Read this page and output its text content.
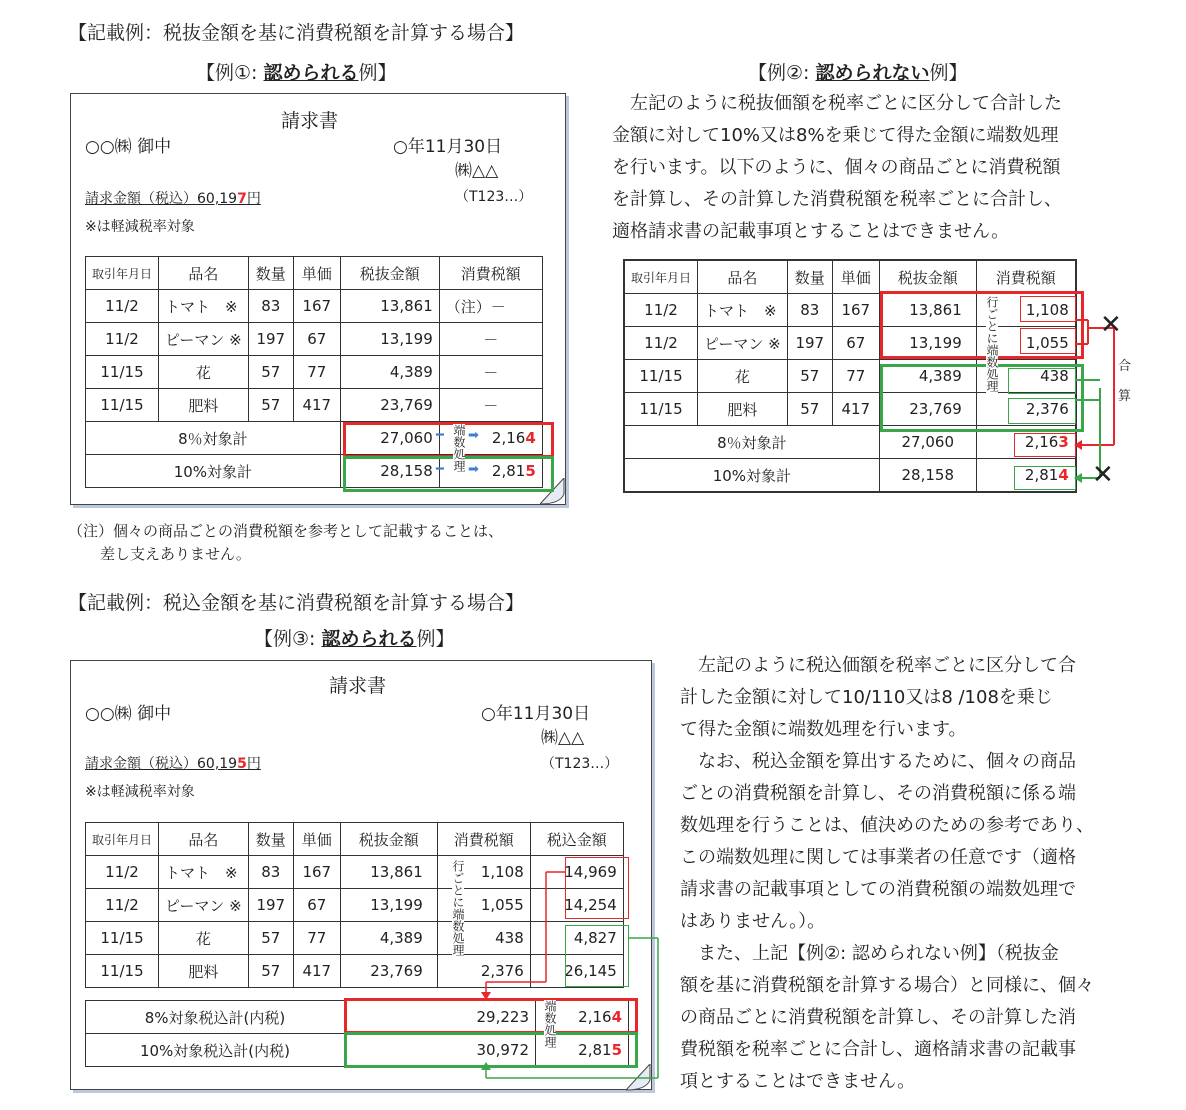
【記載例：税抜金額を基に消費税額を計算する場合】
【例①: 認められる例】	【例②: 認められない例】
請求書
○○㈱ 御中	○年11月30日
㈱△△
（T123…）
請求金額（税込）60,197円
※は軽減税率対象
取引年月日	品名	数量	単価	税抜金額	消費税額
11/2	トマト　※	83	167	13,861	（注）－
11/2	ピーマン ※	197	67	13,199	－
11/15	花	57	77	4,389	－
11/15	肥料	57	417	23,769	－
8％対象計				27,060	2,164
10%対象計				28,158	2,815
端数処理
━ ➡
━ ➡
（注）個々の商品ごとの消費税額を参考として記載することは、
差し支えありません。
左記のように税抜価額を税率ごとに区分して合計した
金額に対して10%又は8%を乗じて得た金額に端数処理
を行います。以下のように、個々の商品ごとに消費税額
を計算し、その計算した消費税額を税率ごとに合計し、
適格請求書の記載事項とすることはできません。
取引年月日	品名	数量	単価	税抜金額	消費税額
11/2	トマト　※	83	167	13,861	1,108
11/2	ピーマン ※	197	67	13,199	1,055
11/15	花	57	77	4,389	438
11/15	肥料	57	417	23,769	2,376
8％対象計				27,060	2,163
10%対象計				28,158	2,814
行ごとに端数処理	✕
✕
合算
【記載例：税込金額を基に消費税額を計算する場合】
【例③: 認められる例】
請求書
○○㈱ 御中	○年11月30日
㈱△△
（T123…）
請求金額（税込）60,195円
※は軽減税率対象
取引年月日	品名	数量	単価	税抜金額	消費税額	税込金額
11/2	トマト　※	83	167	13,861	1,108	14,969
11/2	ピーマン ※	197	67	13,199	1,055	14,254
11/15	花	57	77	4,389	438	4,827
11/15	肥料	57	417	23,769	2,376	26,145
8%対象税込計(内税)	29,223	2,164
10%対象税込計(内税)	30,972	2,815
行ごとに端数処理
端数処理
　左記のように税込価額を税率ごとに区分して合
計した金額に対して10/110又は8 /108を乗じ
て得た金額に端数処理を行います。
　なお、税込金額を算出するために、個々の商品
ごとの消費税額を計算し、その消費税額に係る端
数処理を行うことは、値決めのための参考であり、
この端数処理に関しては事業者の任意です（適格
請求書の記載事項としての消費税額の端数処理で
はありません。）。
　また、上記【例②: 認められない例】（税抜金
額を基に消費税額を計算する場合）と同様に、個々
の商品ごとに消費税額を計算し、その計算した消
費税額を税率ごとに合計し、適格請求書の記載事
項とすることはできません。
